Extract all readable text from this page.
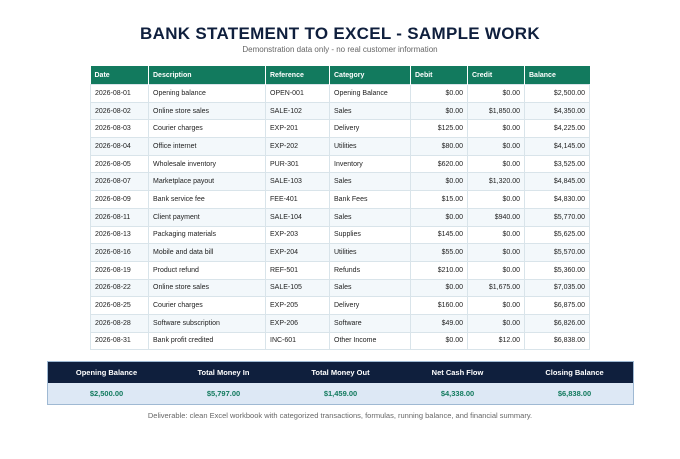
BANK STATEMENT TO EXCEL - SAMPLE WORK
Demonstration data only - no real customer information
Date	Description	Reference	Category	Debit	Credit	Balance
2026-08-01	Opening balance	OPEN-001	Opening Balance	$0.00	$0.00	$2,500.00
2026-08-02	Online store sales	SALE-102	Sales	$0.00	$1,850.00	$4,350.00
2026-08-03	Courier charges	EXP-201	Delivery	$125.00	$0.00	$4,225.00
2026-08-04	Office internet	EXP-202	Utilities	$80.00	$0.00	$4,145.00
2026-08-05	Wholesale inventory	PUR-301	Inventory	$620.00	$0.00	$3,525.00
2026-08-07	Marketplace payout	SALE-103	Sales	$0.00	$1,320.00	$4,845.00
2026-08-09	Bank service fee	FEE-401	Bank Fees	$15.00	$0.00	$4,830.00
2026-08-11	Client payment	SALE-104	Sales	$0.00	$940.00	$5,770.00
2026-08-13	Packaging materials	EXP-203	Supplies	$145.00	$0.00	$5,625.00
2026-08-16	Mobile and data bill	EXP-204	Utilities	$55.00	$0.00	$5,570.00
2026-08-19	Product refund	REF-501	Refunds	$210.00	$0.00	$5,360.00
2026-08-22	Online store sales	SALE-105	Sales	$0.00	$1,675.00	$7,035.00
2026-08-25	Courier charges	EXP-205	Delivery	$160.00	$0.00	$6,875.00
2026-08-28	Software subscription	EXP-206	Software	$49.00	$0.00	$6,826.00
2026-08-31	Bank profit credited	INC-601	Other Income	$0.00	$12.00	$6,838.00
Opening Balance	Total Money In	Total Money Out	Net Cash Flow	Closing Balance
$2,500.00	$5,797.00	$1,459.00	$4,338.00	$6,838.00
Deliverable: clean Excel workbook with categorized transactions, formulas, running balance, and financial summary.
